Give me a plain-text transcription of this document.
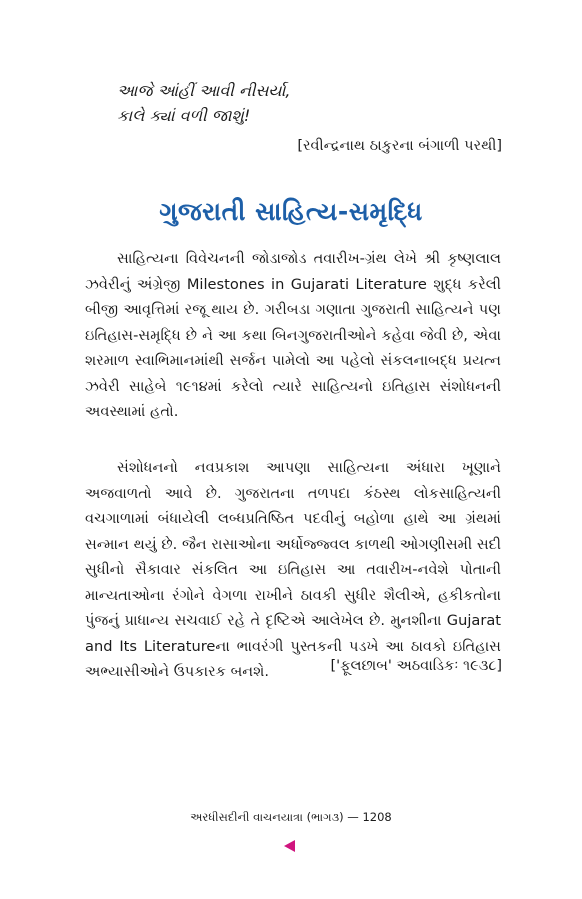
આજે આંહીં આવી નીસર્યા,
કાલે ક્યાં વળી જાશું!
[રવીન્દ્રનાથ ઠાકુરના બંગાળી પરથી]
ગુજરાતી સાહિત્ય-સમૃદ્ધિ

સાહિત્યના વિવેચનની જોડાજોડ તવારીખ-ગ્રંથ લેખે શ્રી કૃષ્ણલાલ ઝવેરીનું અંગ્રેજી Milestones in Gujarati Literature શુદ્ધ કરેલી બીજી આવૃત્તિમાં રજૂ થાય છે. ગરીબડા ગણાતા ગુજરાતી સાહિત્યને પણ ઇતિહાસ-સમૃદ્ધિ છે ને આ કથા બિનગુજરાતીઓને કહેવા જેવી છે, એવા શરમાળ સ્વાભિમાનમાંથી સર્જન પામેલો આ પહેલો સંકલનાબદ્ધ પ્રયત્ન ઝવેરી સાહેબે ૧૯૧૪માં કરેલો ત્યારે સાહિત્યનો ઇતિહાસ સંશોધનની અવસ્થામાં હતો.

સંશોધનનો નવપ્રકાશ આપણા સાહિત્યના અંધારા ખૂણાને અજવાળતો આવે છે. ગુજરાતના તળપદા કંઠસ્થ લોકસાહિત્યની વચગાળામાં બંધાયેલી લબ્ધપ્રતિષ્ઠિત પદવીનું બહોળા હાથે આ ગ્રંથમાં સન્માન થયું છે. જૈન રાસાઓના અર્ધોજ્જ્વલ કાળથી ઓગણીસમી સદી સુધીનો સૈકાવાર સંકલિત આ ઇતિહાસ આ તવારીખ-નવેશે પોતાની માન્યતાઓના રંગોને વેગળા રાખીને ઠાવકી સુધીર શૈલીએ, હકીકતોના પુંજનું પ્રાધાન્ય સચવાઈ રહે તે દૃષ્ટિએ આલેખેલ છે. મુનશીના Gujarat and Its Literatureના ભાવરંગી પુસ્તકની પડખે આ ઠાવકો ઇતિહાસ અભ્યાસીઓને ઉપકારક બનશે.	['ફૂલછાબ' અઠવાડિકઃ ૧૯૩૮]
અરધીસદીની વાચનયાત્રા (ભાગ૩) — 1208
